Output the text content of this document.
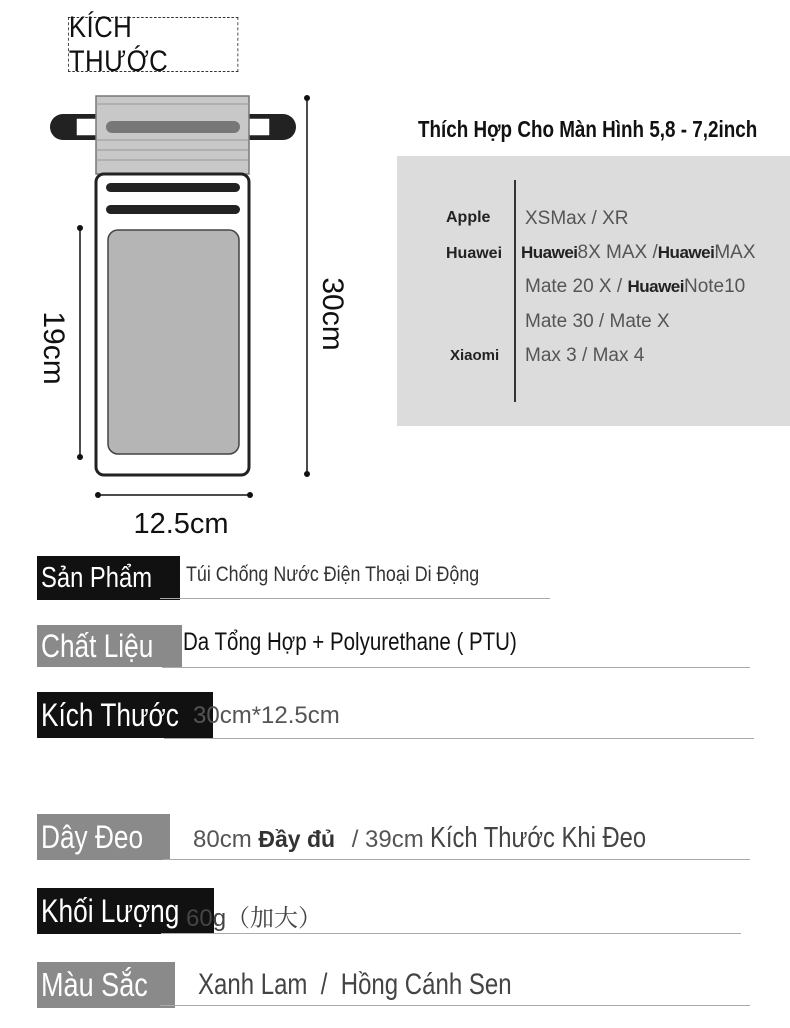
KÍCH THƯỚC
30cm
19cm
12.5cm
Thích Hợp Cho Màn Hình 5,8 - 7,2inch
Apple
Huawei
Xiaomi
XSMax / XR
Huawei8X MAX /HuaweiMAX
Mate 20 X / HuaweiNote10
Mate 30 / Mate X
Max 3 / Max 4
Sản Phẩm Túi Chống Nước Điện Thoại Di Động
Chất Liệu Da Tổng Hợp + Polyurethane ( PTU)
Kích Thước 30cm*12.5cm
Dây Đeo 80cm Đầy đủ / 39cm Kích Thước Khi Đeo
Khối Lượng 60g（加大）
Màu Sắc Xanh Lam  /  Hồng Cánh Sen
